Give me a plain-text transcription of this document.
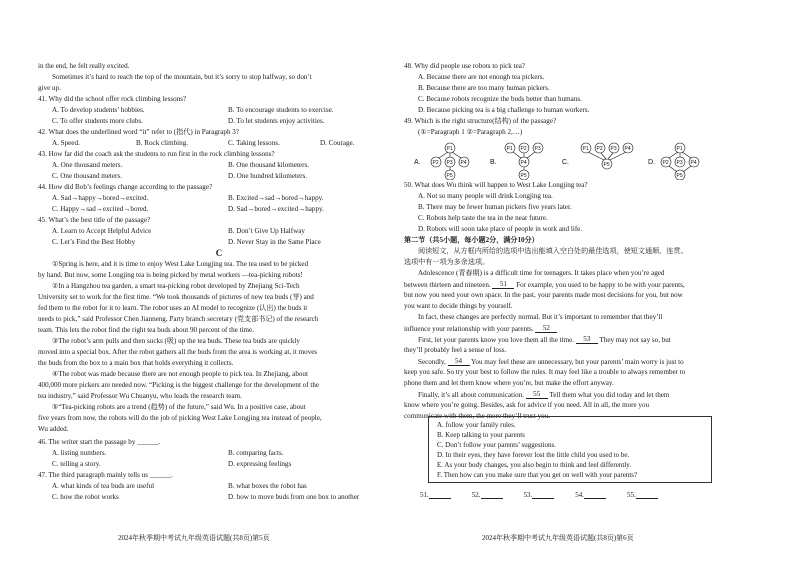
in the end, he felt really excited.
Sometimes it’s hard to reach the top of the mountain, but it’s sorry to stop halfway, so don’t
give up.
41. Why did the school offer rock climbing lessons?
A. To develop students’ hobbies.	B. To encourage students to exercise.
C. To offer students more clubs.	D. To let students enjoy activities.
42. What does the underlined word “it” refer to (指代) in Paragraph 3?
A. Speed.	B. Rock climbing.	C. Taking lessons.	D. Courage.
43. How far did the coach ask the students to run first in the rock climbing lessons?
A. One thousand meters.	B. One thousand kilometers.
C. One thousand meters.	D. One hundred kilometers.
44. How did Bob’s feelings change according to the passage?
A. Sad→happy→bored→excited.	B. Excited→sad→bored→happy.
C. Happy→sad→excited→bored.	D. Sad→bored→excited→happy.
45. What’s the best title of the passage?
A. Learn to Accept Helpful Advice	B. Don’t Give Up Halfway
C. Let’s Find the Best Hobby	D. Never Stay in the Same Place
C
①Spring is here, and it is time to enjoy West Lake Longjing tea. The tea used to be picked
by hand. But now, some Longjing tea is being picked by metal workers —tea-picking robots!
②In a Hangzhou tea garden, a smart tea-picking robot developed by Zhejiang Sci-Tech
University set to work for the first time. “We took thousands of pictures of new tea buds (芽) and
fed them to the robot for it to learn. The robot uses an AI model to recognize (认出) the buds it
needs to pick,” said Professor Chen Jianneng, Party branch secretary (党支部书记) of the research
team. This lets the robot find the right tea buds about 90 percent of the time.
③The robot’s arm pulls and then sucks (吸) up the tea buds. These tea buds are quickly
moved into a special box. After the robot gathers all the buds from the area is working at, it moves
the buds from the box to a main box that holds everything it collects.
④The robot was made because there are not enough people to pick tea. In Zhejiang, about
400,000 more pickers are needed now. “Picking is the biggest challenge for the development of the
tea industry,” said Professor Wu Chuanyu, who leads the research team.
⑤“Tea-picking robots are a trend (趋势) of the future,” said Wu. In a positive case, about
five years from now, the robots will do the job of picking West Lake Longjing tea instead of people,
Wu added.
46. The writer start the passage by ______.
A. listing numbers.	B. comparing facts.
C. telling a story.	D. expressing feelings
47. The third paragraph mainly tells us ______.
A. what kinds of tea buds are useful	B. what boxes the robot has
C. how the robot works	D. how to move buds from one box to another
2024年秋季期中考试九年级英语试题(共8页)第5页
48. Why did people use robots to pick tea?
A. Because there are not enough tea pickers.
B. Because there are too many human pickers.
C. Because robots recognize the buds better than humans.
D. Because picking tea is a big challenge to human workers.
49. Which is the right structure(结构) of the passage?
(①=Paragraph 1 ②=Paragraph 2,…)
A.
P1
P2 P3 P4
P5
B.
P1 P2 P3
P4
P5
C.
P1 P2 P3 P4
P5	D.
P1
P2 P3 P4
P5
50. What does Wu think will happen to West Lake Longjing tea?
A. Not so many people will drink Longjing tea.
B. There may be fewer human pickers five years later.
C. Robots help taste the tea in the near future.
D. Robots will soon take place of people in work and life.
第二节（共5小题，每小题2分，满分10分）
阅读短文，从方框内所给的选项中选出能填入空白处的最佳选项，使短文通顺、连贯。
选项中有一项为多余选项。
Adolescence (青春期) is a difficult time for teenagers. It takes place when you’re aged
between thirteen and nineteen. 51 For example, you used to be happy to be with your parents,
but now you need your own space. In the past, your parents made most decisions for you, but now
you want to decide things by yourself.
In fact, these changes are perfectly normal. But it’s important to remember that they’ll
influence your relationship with your parents. 52
First, let your parents know you love them all the time. 53 They may not say so, but
they’ll probably feel a sense of loss.
Secondly, 54 You may feel these are unnecessary, but your parents’ main worry is just to
keep you safe. So try your best to follow the rules. It may feel like a trouble to always remember to
phone them and let them know where you’re, but make the effort anyway.
Finally, it’s all about communication. 55 Tell them what you did today and let them
know where you’re going. Besides, ask for advice if you need. All in all, the more you
communicate with them, the more they’ll trust you.
A. follow your family rules.
B. Keep talking to your parents
C. Don’t follow your parents’ suggestions.
D. In their eyes, they have forever lost the little child you used to be.
E. As your body changes, you also begin to think and feel differently.
F. Then how can you make sure that you get on well with your parents?
51.	52.	53.	54.	55.
2024年秋季期中考试九年级英语试题(共8页)第6页
